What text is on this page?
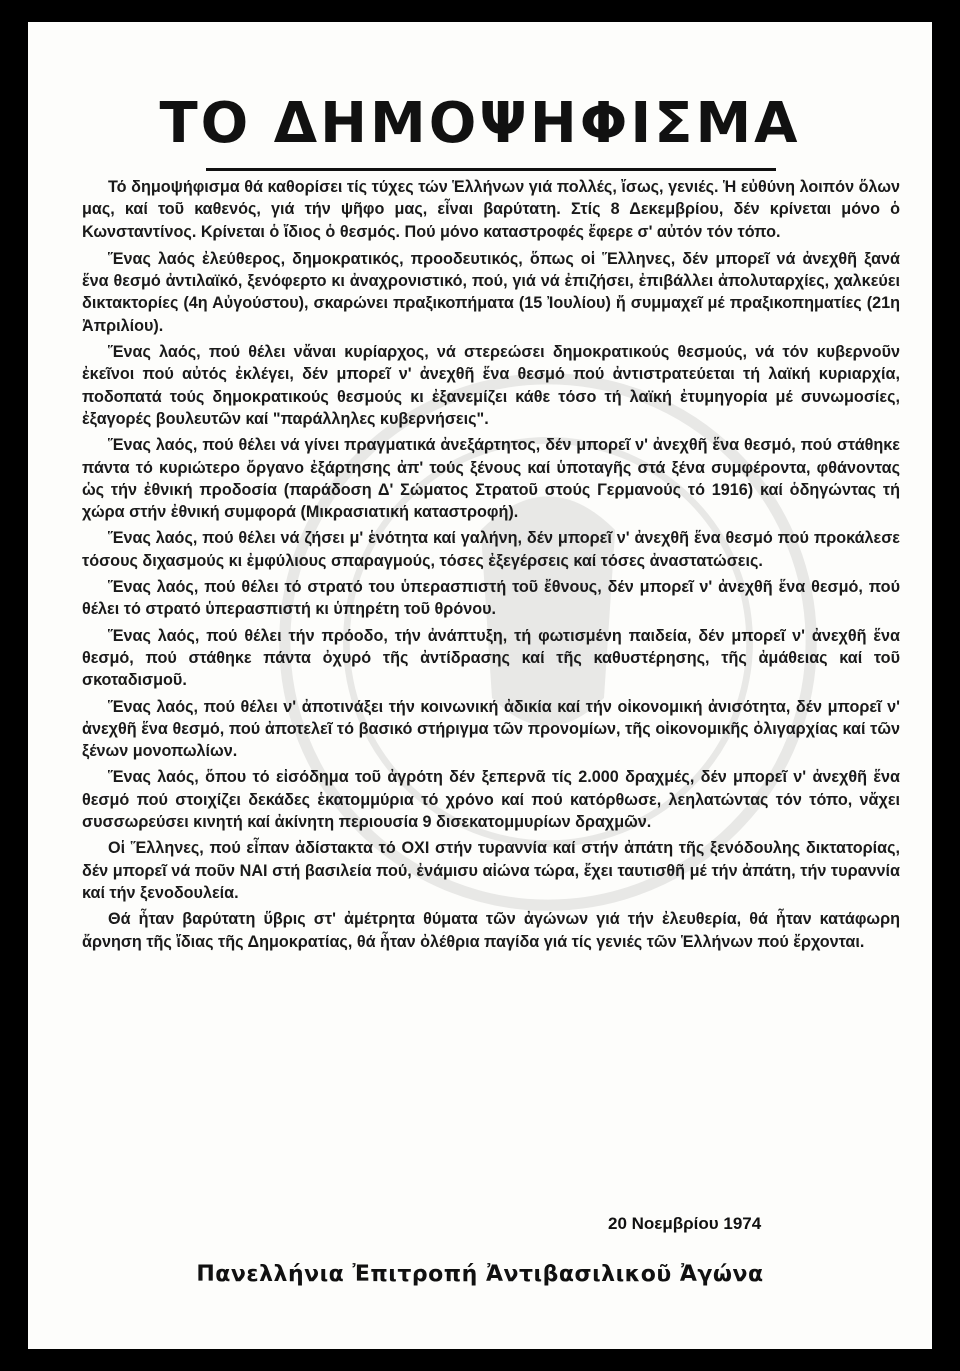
ΤΟ ΔΗΜΟΨΗΦΙΣΜΑ

Τό δημοψήφισμα θά καθορίσει τίς τύχες τών Ἑλλήνων γιά πολλές, ἴσως, γενιές. Ἡ εὐθύνη λοιπόν ὅλων μας, καί τοῦ καθενός, γιά τήν ψῆφο μας, εἶναι βαρύτατη. Στίς 8 Δεκεμβρίου, δέν κρίνεται μόνο ὁ Κωνσταντίνος. Κρίνεται ὁ ἴδιος ὁ θεσμός. Πού μόνο καταστροφές ἔφερε σ' αὐτόν τόν τόπο.

Ἕνας λαός ἐλεύθερος, δημοκρατικός, προοδευτικός, ὅπως οἱ Ἕλληνες, δέν μπορεῖ νά ἀνεχθῆ ξανά ἕνα θεσμό ἀντιλαϊκό, ξενόφερτο κι ἀναχρονιστικό, πού, γιά νά ἐπιζήσει, ἐπιβάλλει ἀπολυταρχίες, χαλκεύει δικτακτορίες (4η Αὐγούστου), σκαρώνει πραξικοπήματα (15 Ἰουλίου) ἤ συμμαχεῖ μέ πραξικοπηματίες (21η Ἀπριλίου).

Ἕνας λαός, πού θέλει νἄναι κυρίαρχος, νά στερεώσει δημοκρατικούς θεσμούς, νά τόν κυβερνοῦν ἐκεῖνοι πού αὐτός ἐκλέγει, δέν μπορεῖ ν' ἀνεχθῆ ἕνα θεσμό πού ἀντιστρατεύεται τή λαϊκή κυριαρχία, ποδοπατά τούς δημοκρατικούς θεσμούς κι ἐξανεμίζει κάθε τόσο τή λαϊκή ἐτυμηγορία μέ συνωμοσίες, ἐξαγορές βουλευτῶν καί "παράλληλες κυβερνήσεις".

Ἕνας λαός, πού θέλει νά γίνει πραγματικά ἀνεξάρτητος, δέν μπορεῖ ν' ἀνεχθῆ ἕνα θεσμό, πού στάθηκε πάντα τό κυριώτερο ὄργανο ἐξάρτησης ἀπ' τούς ξένους καί ὑποταγῆς στά ξένα συμφέροντα, φθάνοντας ὡς τήν ἐθνική προδοσία (παράδοση Δ' Σώματος Στρατοῦ στούς Γερμανούς τό 1916) καί ὁδηγώντας τή χώρα στήν ἐθνική συμφορά (Μικρασιατική καταστροφή).

Ἕνας λαός, πού θέλει νά ζήσει μ' ἑνότητα καί γαλήνη, δέν μπορεῖ ν' ἀνεχθῆ ἕνα θεσμό πού προκάλεσε τόσους διχασμούς κι ἐμφύλιους σπαραγμούς, τόσες ἐξεγέρσεις καί τόσες ἀναστατώσεις.

Ἕνας λαός, πού θέλει τό στρατό του ὑπερασπιστή τοῦ ἔθνους, δέν μπορεῖ ν' ἀνεχθῆ ἕνα θεσμό, πού θέλει τό στρατό ὑπερασπιστή κι ὑπηρέτη τοῦ θρόνου.

Ἕνας λαός, πού θέλει τήν πρόοδο, τήν ἀνάπτυξη, τή φωτισμένη παιδεία, δέν μπορεῖ ν' ἀνεχθῆ ἕνα θεσμό, πού στάθηκε πάντα ὀχυρό τῆς ἀντίδρασης καί τῆς καθυστέρησης, τῆς ἀμάθειας καί τοῦ σκοταδισμοῦ.

Ἕνας λαός, πού θέλει ν' ἀποτινάξει τήν κοινωνική ἀδικία καί τήν οἰκονομική ἀνισότητα, δέν μπορεῖ ν' ἀνεχθῆ ἕνα θεσμό, πού ἀποτελεῖ τό βασικό στήριγμα τῶν προνομίων, τῆς οἰκονομικῆς ὀλιγαρχίας καί τῶν ξένων μονοπωλίων.

Ἕνας λαός, ὅπου τό εἰσόδημα τοῦ ἀγρότη δέν ξεπερνᾶ τίς 2.000 δραχμές, δέν μπορεῖ ν' ἀνεχθῆ ἕνα θεσμό πού στοιχίζει δεκάδες ἑκατομμύρια τό χρόνο καί πού κατόρθωσε, λεηλατώντας τόν τόπο, νἄχει συσσωρεύσει κινητή καί ἀκίνητη περιουσία 9 δισεκατομμυρίων δραχμῶν.

Οἱ Ἕλληνες, πού εἶπαν ἀδίστακτα τό ΟΧΙ στήν τυραννία καί στήν ἀπάτη τῆς ξενόδουλης δικτατορίας, δέν μπορεῖ νά ποῦν ΝΑΙ στή βασιλεία πού, ἐνάμισυ αἰώνα τώρα, ἔχει ταυτισθῆ μέ τήν ἀπάτη, τήν τυραννία καί τήν ξενοδουλεία.

Θά ἦταν βαρύτατη ὕβρις στ' ἀμέτρητα θύματα τῶν ἀγώνων γιά τήν ἐλευθερία, θά ἦταν κατάφωρη ἄρνηση τῆς ἴδιας τῆς Δημοκρατίας, θά ἦταν ὀλέθρια παγίδα γιά τίς γενιές τῶν Ἑλλήνων πού ἔρχονται.

20 Νοεμβρίου 1974

Πανελλήνια Ἐπιτροπή Ἀντιβασιλικοῦ Ἀγώνα
